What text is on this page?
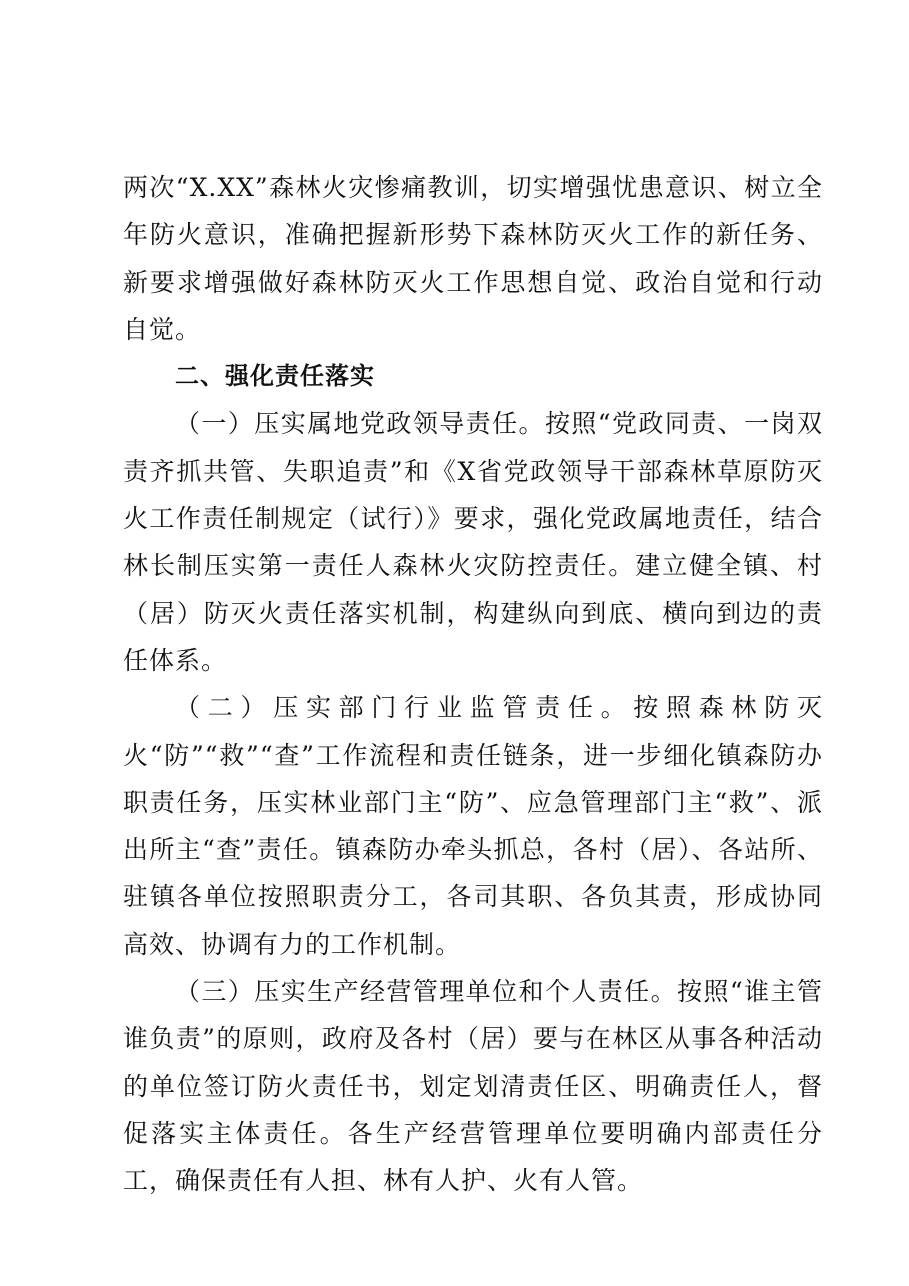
两次“X.XX”森林火灾惨痛教训，切实增强忧患意识、树立全年防火意识，准确把握新形势下森林防灭火工作的新任务、新要求增强做好森林防灭火工作思想自觉、政治自觉和行动自觉。

二、强化责任落实

（一）压实属地党政领导责任。按照“党政同责、一岗双责齐抓共管、失职追责”和《X省党政领导干部森林草原防灭火工作责任制规定（试行）》要求，强化党政属地责任，结合林长制压实第一责任人森林火灾防控责任。建立健全镇、村（居）防灭火责任落实机制，构建纵向到底、横向到边的责任体系。

（二）压实部门行业监管责任。按照森林防灭火“防”“救”“查”工作流程和责任链条，进一步细化镇森防办职责任务，压实林业部门主“防”、应急管理部门主“救”、派出所主“查”责任。镇森防办牵头抓总，各村（居）、各站所、驻镇各单位按照职责分工，各司其职、各负其责，形成协同高效、协调有力的工作机制。

（三）压实生产经营管理单位和个人责任。按照“谁主管谁负责”的原则，政府及各村（居）要与在林区从事各种活动的单位签订防火责任书，划定划清责任区、明确责任人，督促落实主体责任。各生产经营管理单位要明确内部责任分工，确保责任有人担、林有人护、火有人管。
